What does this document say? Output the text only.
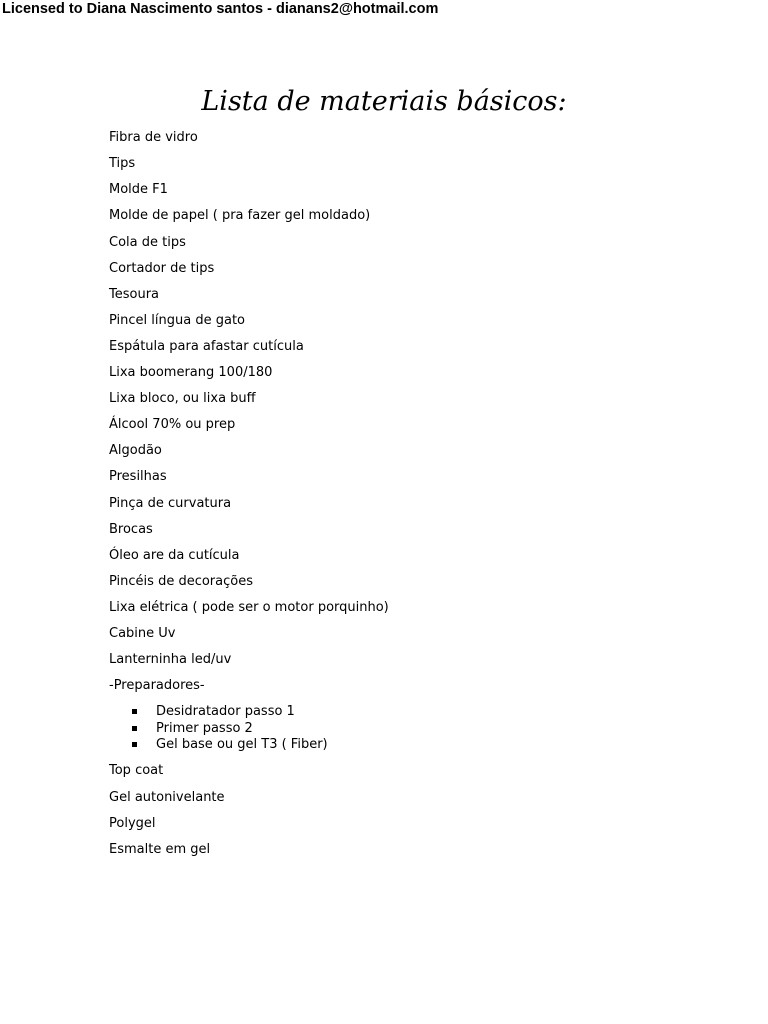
Licensed to Diana Nascimento santos - dianans2@hotmail.com
Lista de materiais básicos:
Fibra de vidro
Tips
Molde F1
Molde de papel ( pra fazer gel moldado)
Cola de tips
Cortador de tips
Tesoura
Pincel língua de gato
Espátula para afastar cutícula
Lixa boomerang 100/180
Lixa bloco, ou lixa buff
Álcool 70% ou prep
Algodão
Presilhas
Pinça de curvatura
Brocas
Óleo are da cutícula
Pincéis de decorações
Lixa elétrica ( pode ser o motor porquinho)
Cabine Uv
Lanterninha led/uv
-Preparadores-
Top coat
Gel autonivelante
Polygel
Esmalte em gel
Desidratador passo 1
Primer passo 2
Gel base ou gel T3 ( Fiber)
